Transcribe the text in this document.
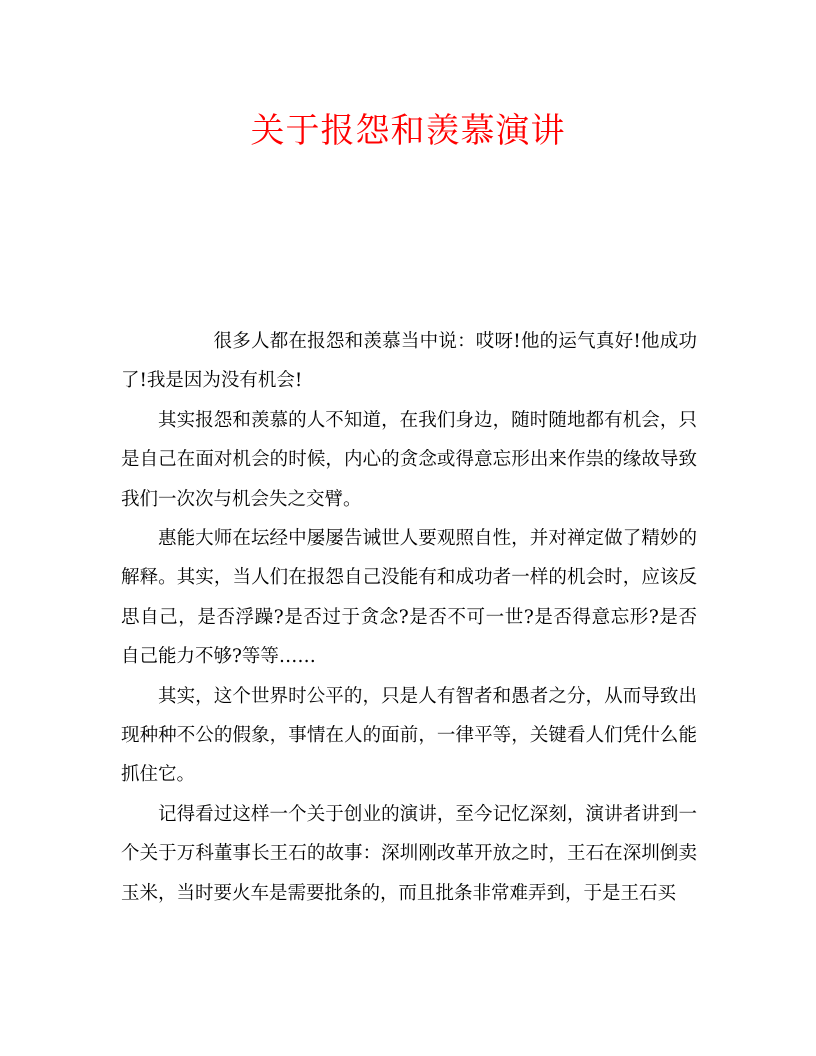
关于报怨和羡慕演讲

很多人都在报怨和羡慕当中说：哎呀!他的运气真好!他成功了!我是因为没有机会!

其实报怨和羡慕的人不知道，在我们身边，随时随地都有机会，只是自己在面对机会的时候，内心的贪念或得意忘形出来作祟的缘故导致我们一次次与机会失之交臂。

惠能大师在坛经中屡屡告诫世人要观照自性，并对禅定做了精妙的解释。其实，当人们在报怨自己没能有和成功者一样的机会时，应该反思自己，是否浮躁?是否过于贪念?是否不可一世?是否得意忘形?是否自己能力不够?等等……

其实，这个世界时公平的，只是人有智者和愚者之分，从而导致出现种种不公的假象，事情在人的面前，一律平等，关键看人们凭什么能抓住它。

记得看过这样一个关于创业的演讲，至今记忆深刻，演讲者讲到一个关于万科董事长王石的故事：深圳刚改革开放之时，王石在深圳倒卖玉米，当时要火车是需要批条的，而且批条非常难弄到，于是王石买
